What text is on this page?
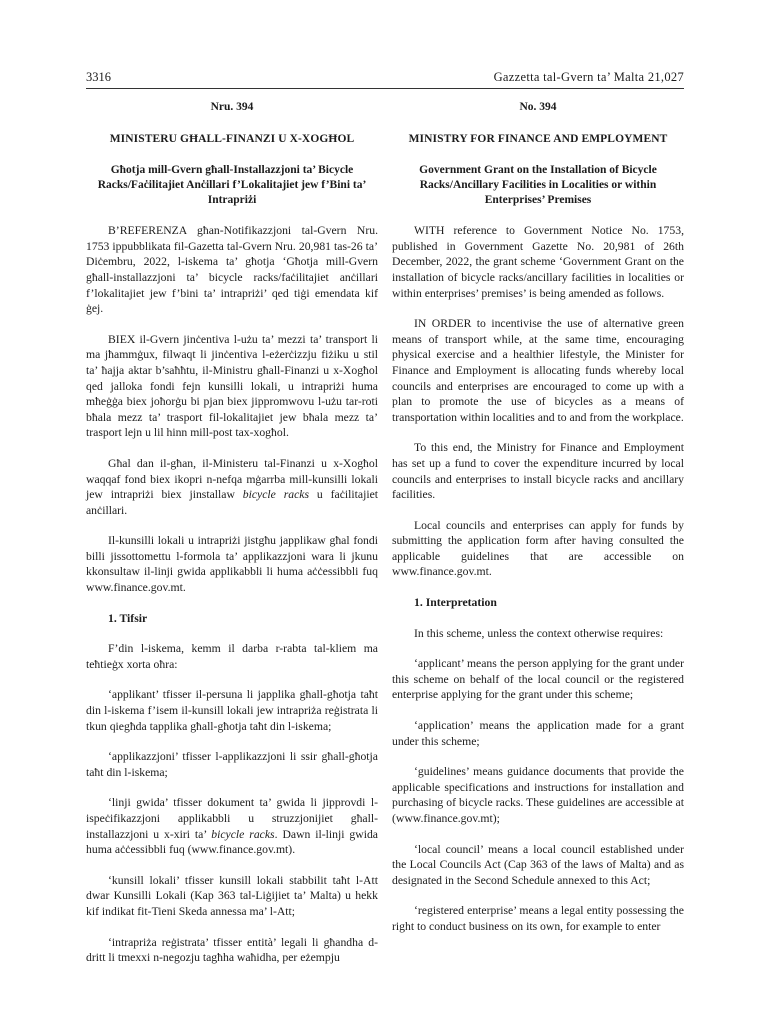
3316	Gazzetta tal-Gvern ta’ Malta 21,027
Nru. 394
MINISTERU GĦALL-FINANZI U X-XOGĦOL
Għotja mill-Gvern għall-Installazzjoni ta’ Bicycle Racks/Faċilitajiet Anċillari f’Lokalitajiet jew f’Bini ta’ Intrapriżi

B’REFERENZA għan-Notifikazzjoni tal-Gvern Nru. 1753 ippubblikata fil-Gazetta tal-Gvern Nru. 20,981 tas-26 ta’ Diċembru, 2022, l-iskema ta’ għotja ‘Għotja mill-Gvern għall-installazzjoni ta’ bicycle racks/faċilitajiet anċillari f’lokalitajiet jew f’bini ta’ intrapriżi’ qed tiġi emendata kif ġej.

BIEX il-Gvern jinċentiva l-użu ta’ mezzi ta’ transport li ma jħammġux, filwaqt li jinċentiva l-eżerċizzju fiżiku u stil ta’ ħajja aktar b’saħħtu, il-Ministru għall-Finanzi u x-Xogħol qed jalloka fondi fejn kunsilli lokali, u intrapriżi huma mħeġġa biex joħorġu bi pjan biex jippromwovu l-użu tar-roti bħala mezz ta’ trasport fil-lokalitajiet jew bħala mezz ta’ trasport lejn u lil hinn mill-post tax-xogħol.

Għal dan il-għan, il-Ministeru tal-Finanzi u x-Xogħol waqqaf fond biex ikopri n-nefqa mġarrba mill-kunsilli lokali jew intrapriżi biex jinstallaw bicycle racks u faċilitajiet anċillari.

Il-kunsilli lokali u intrapriżi jistgħu japplikaw għal fondi billi jissottomettu l-formola ta’ applikazzjoni wara li jkunu kkonsultaw il-linji gwida applikabbli li huma aċċessibbli fuq www.finance.gov.mt.

1. Tifsir

F’din l-iskema, kemm il darba r-rabta tal-kliem ma teħtieġx xorta oħra:

‘applikant’ tfisser il-persuna li japplika għall-għotja taħt din l-iskema f’isem il-kunsill lokali jew intrapriża reġistrata li tkun qiegħda tapplika għall-għotja taħt din l-iskema;

‘applikazzjoni’ tfisser l-applikazzjoni li ssir għall-għotja taħt din l-iskema;

‘linji gwida’ tfisser dokument ta’ gwida li jipprovdi l-ispeċifikazzjoni applikabbli u struzzjonijiet għall-installazzjoni u x-xiri ta’ bicycle racks. Dawn il-linji gwida huma aċċessibbli fuq (www.finance.gov.mt).

‘kunsill lokali’ tfisser kunsill lokali stabbilit taħt l-Att dwar Kunsilli Lokali (Kap 363 tal-Liġijiet ta’ Malta) u hekk kif indikat fit-Tieni Skeda annessa ma’ l-Att;

‘intrapriża reġistrata’ tfisser entità’ legali li għandha d-dritt li tmexxi n-negozju tagħha waħidha, per eżempju

No. 394
MINISTRY FOR FINANCE AND EMPLOYMENT
Government Grant on the Installation of Bicycle Racks/Ancillary Facilities in Localities or within Enterprises’ Premises

WITH reference to Government Notice No. 1753, published in Government Gazette No. 20,981 of 26th December, 2022, the grant scheme ‘Government Grant on the installation of bicycle racks/ancillary facilities in localities or within enterprises’ premises’ is being amended as follows.

IN ORDER to incentivise the use of alternative green means of transport while, at the same time, encouraging physical exercise and a healthier lifestyle, the Minister for Finance and Employment is allocating funds whereby local councils and enterprises are encouraged to come up with a plan to promote the use of bicycles as a means of transportation within localities and to and from the workplace.

To this end, the Ministry for Finance and Employment has set up a fund to cover the expenditure incurred by local councils and enterprises to install bicycle racks and ancillary facilities.

Local councils and enterprises can apply for funds by submitting the application form after having consulted the applicable guidelines that are accessible on www.finance.gov.mt.

1. Interpretation

In this scheme, unless the context otherwise requires:

‘applicant’ means the person applying for the grant under this scheme on behalf of the local council or the registered enterprise applying for the grant under this scheme;

‘application’ means the application made for a grant under this scheme;

‘guidelines’ means guidance documents that provide the applicable specifications and instructions for installation and purchasing of bicycle racks. These guidelines are accessible at (www.finance.gov.mt);

‘local council’ means a local council established under the Local Councils Act (Cap 363 of the laws of Malta) and as designated in the Second Schedule annexed to this Act;

‘registered enterprise’ means a legal entity possessing the right to conduct business on its own, for example to enter
